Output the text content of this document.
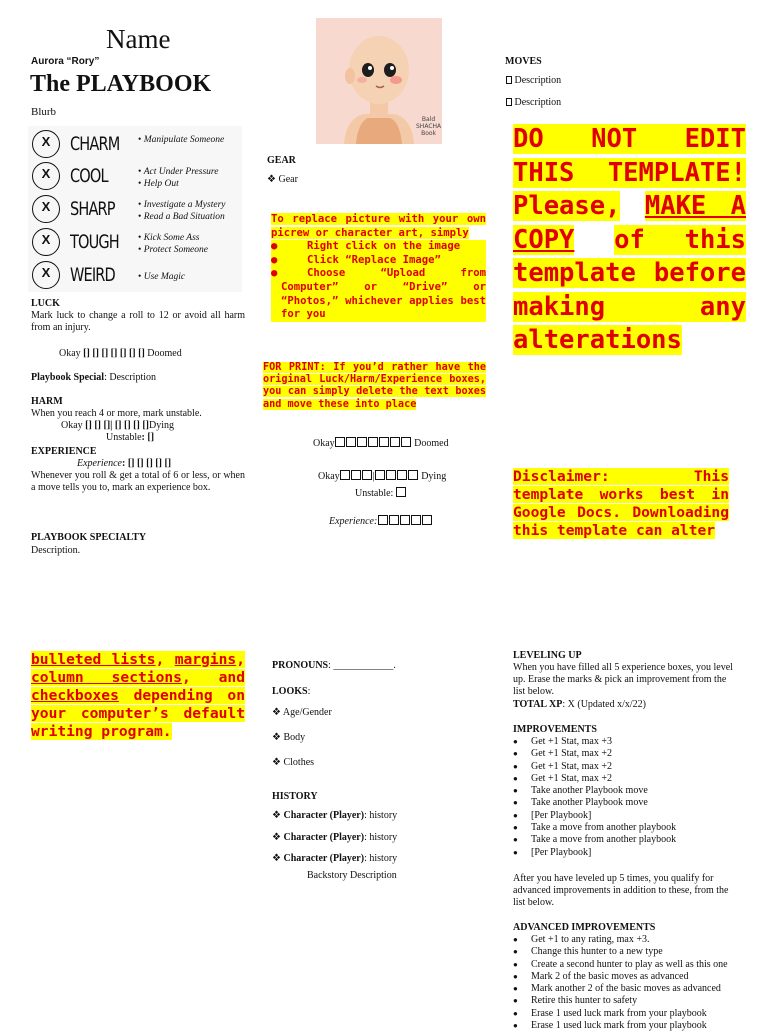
Name
Aurora “Rory”
The PLAYBOOK
Blurb
X	CHARM	• Manipulate Someone
X	COOL	• Act Under Pressure
• Help Out
X	SHARP	• Investigate a Mystery
• Read a Bad Situation
X	TOUGH	• Kick Some Ass
• Protect Someone
X	WEIRD	• Use Magic
LUCK
Mark luck to change a roll to 12 or avoid all harm from an injury.
Okay [] [] [] [] [] [] [] Doomed
Playbook Special: Description
HARM
When you reach 4 or more, mark unstable.
Okay [] [] []| [] [] [] []Dying
Unstable: []
EXPERIENCE
Experience: [] [] [] [] []
Whenever you roll & get a total of 6 or less, or when a move tells you to, mark an experience box.
PLAYBOOK SPECIALTY
Description.
Bald
SHACHA
Book
GEAR
❖ Gear
To replace picture with your own picrew or character art, simply
●	Right click on the image
●	Click “Replace Image”
●	Choose “Upload from Computer” or “Drive” or “Photos,” whichever applies best for you
FOR PRINT: If you’d rather have the original Luck/Harm/Experience boxes, you can simply delete the text boxes and move these into place
Okay	Doomed
Okay	|	Dying
Unstable:
Experience:
MOVES
Description
Description
DO NOT EDIT THIS TEMPLATE! Please, MAKE A COPY of this template before making any alterations
Disclaimer: This template works best in Google Docs. Downloading this template can alter
bulleted lists, margins, column sections, and checkboxes depending on your computer’s default writing program.
PRONOUNS: ____________.
LOOKS:
❖ Age/Gender
❖ Body
❖ Clothes
HISTORY
❖ Character (Player): history
❖ Character (Player): history
❖ Character (Player): history
Backstory Description
LEVELING UP
When you have filled all 5 experience boxes, you level up. Erase the marks & pick an improvement from the list below.
TOTAL XP: X (Updated x/x/22)
IMPROVEMENTS
● Get +1 Stat, max +3
● Get +1 Stat, max +2
● Get +1 Stat, max +2
● Get +1 Stat, max +2
● Take another Playbook move
● Take another Playbook move
● [Per Playbook]
● Take a move from another playbook
● Take a move from another playbook
● [Per Playbook]
After you have leveled up 5 times, you qualify for advanced improvements in addition to these, from the list below.
ADVANCED IMPROVEMENTS
● Get +1 to any rating, max +3.
● Change this hunter to a new type
● Create a second hunter to play as well as this one
● Mark 2 of the basic moves as advanced
● Mark another 2 of the basic moves as advanced
● Retire this hunter to safety
● Erase 1 used luck mark from your playbook
● Erase 1 used luck mark from your playbook
